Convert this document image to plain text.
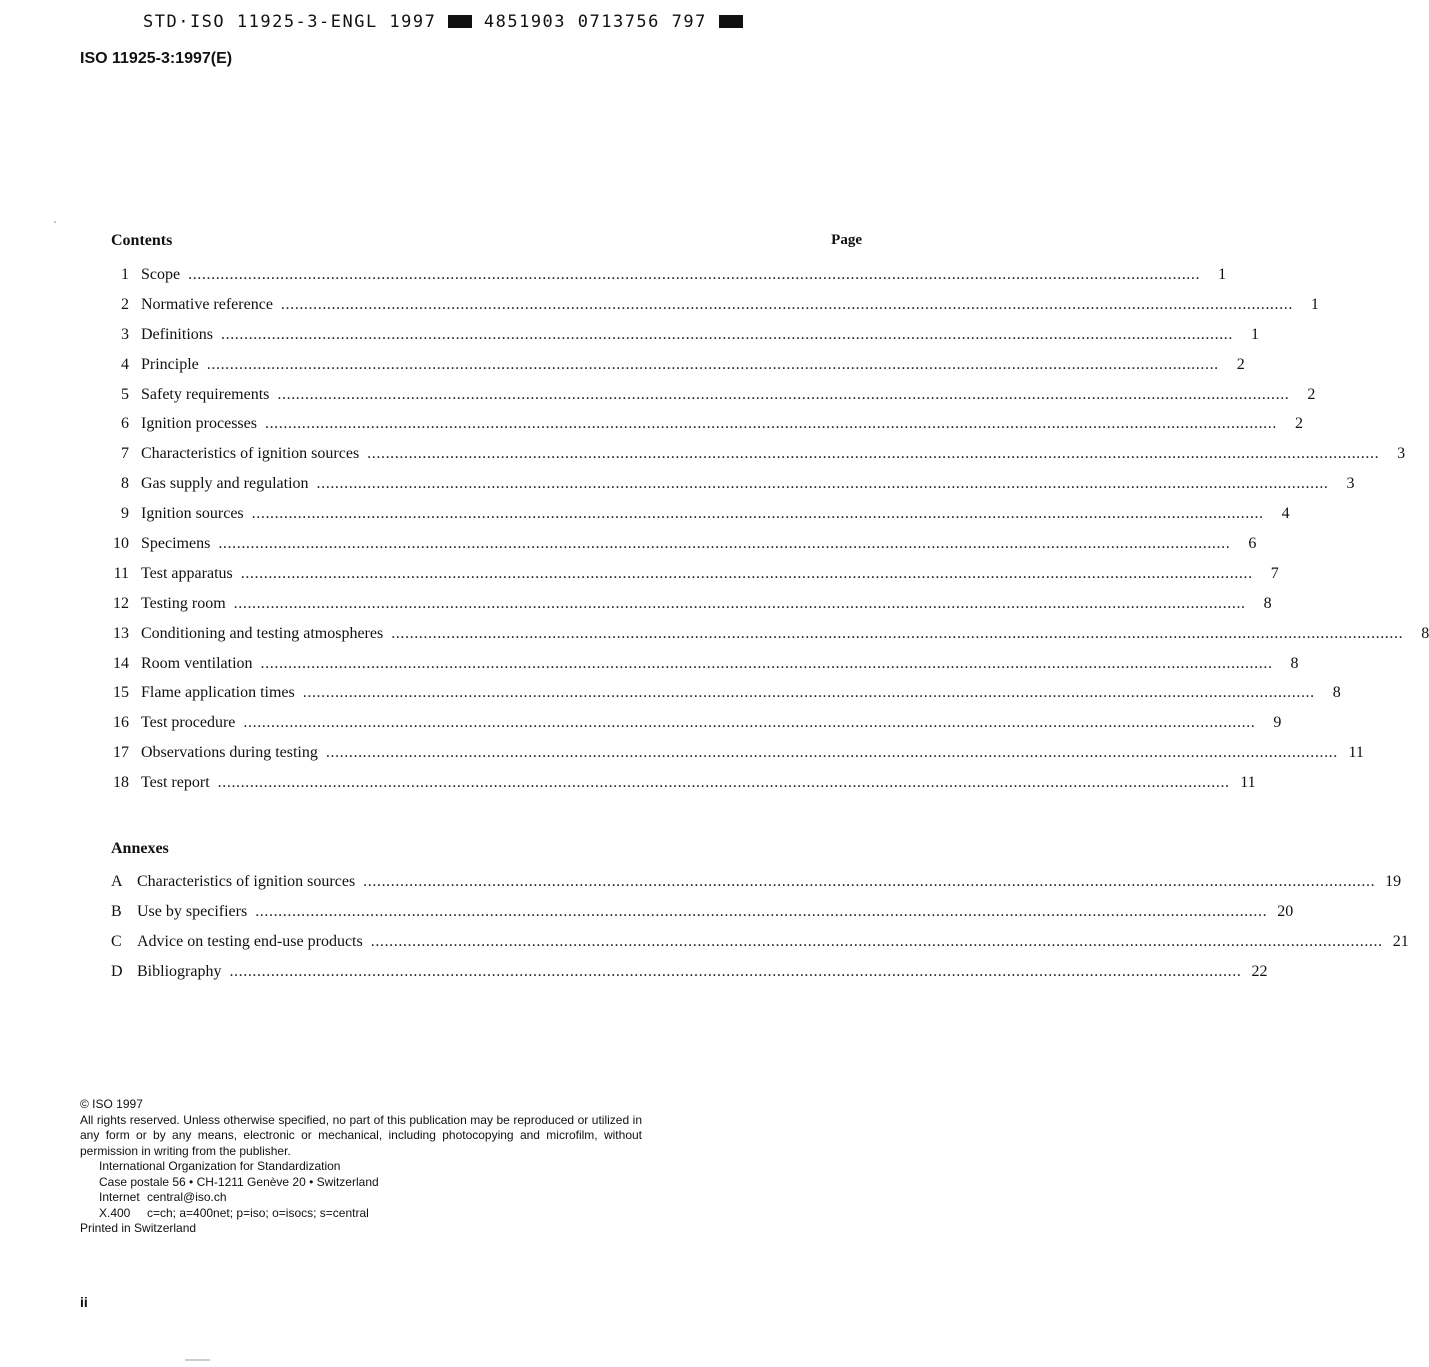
STD·ISO 11925-3-ENGL 1997	4851903 0713756 797
ISO 11925-3:1997(E)
Contents	Page
1 Scope ............................................................................................................................................................................................................................	1
2 Normative reference ............................................................................................................................................................................................................................	1
3 Definitions ............................................................................................................................................................................................................................	1
4 Principle ............................................................................................................................................................................................................................	2
5 Safety requirements ............................................................................................................................................................................................................................	2
6 Ignition processes ............................................................................................................................................................................................................................	2
7 Characteristics of ignition sources ............................................................................................................................................................................................................................	3
8 Gas supply and regulation ............................................................................................................................................................................................................................	3
9 Ignition sources ............................................................................................................................................................................................................................	4
10 Specimens ............................................................................................................................................................................................................................	6
11 Test apparatus ............................................................................................................................................................................................................................	7
12 Testing room ............................................................................................................................................................................................................................	8
13 Conditioning and testing atmospheres ............................................................................................................................................................................................................................	8
14 Room ventilation ............................................................................................................................................................................................................................	8
15 Flame application times ............................................................................................................................................................................................................................	8
16 Test procedure ............................................................................................................................................................................................................................	9
17 Observations during testing ............................................................................................................................................................................................................................ 11
18 Test report ............................................................................................................................................................................................................................ 11
Annexes
A Characteristics of ignition sources ............................................................................................................................................................................................................................ 19
B Use by specifiers ............................................................................................................................................................................................................................ 20
C Advice on testing end-use products ............................................................................................................................................................................................................................ 21
D Bibliography ............................................................................................................................................................................................................................ 22

© ISO 1997

All rights reserved. Unless otherwise specified, no part of this publication may be reproduced or utilized in any form or by any means, electronic or mechanical, including photocopying and microfilm, without permission in writing from the publisher.

International Organization for Standardization

Case postale 56 • CH-1211 Genève 20 • Switzerland

Internet central@iso.ch

X.400 c=ch; a=400net; p=iso; o=isocs; s=central

Printed in Switzerland

ii
